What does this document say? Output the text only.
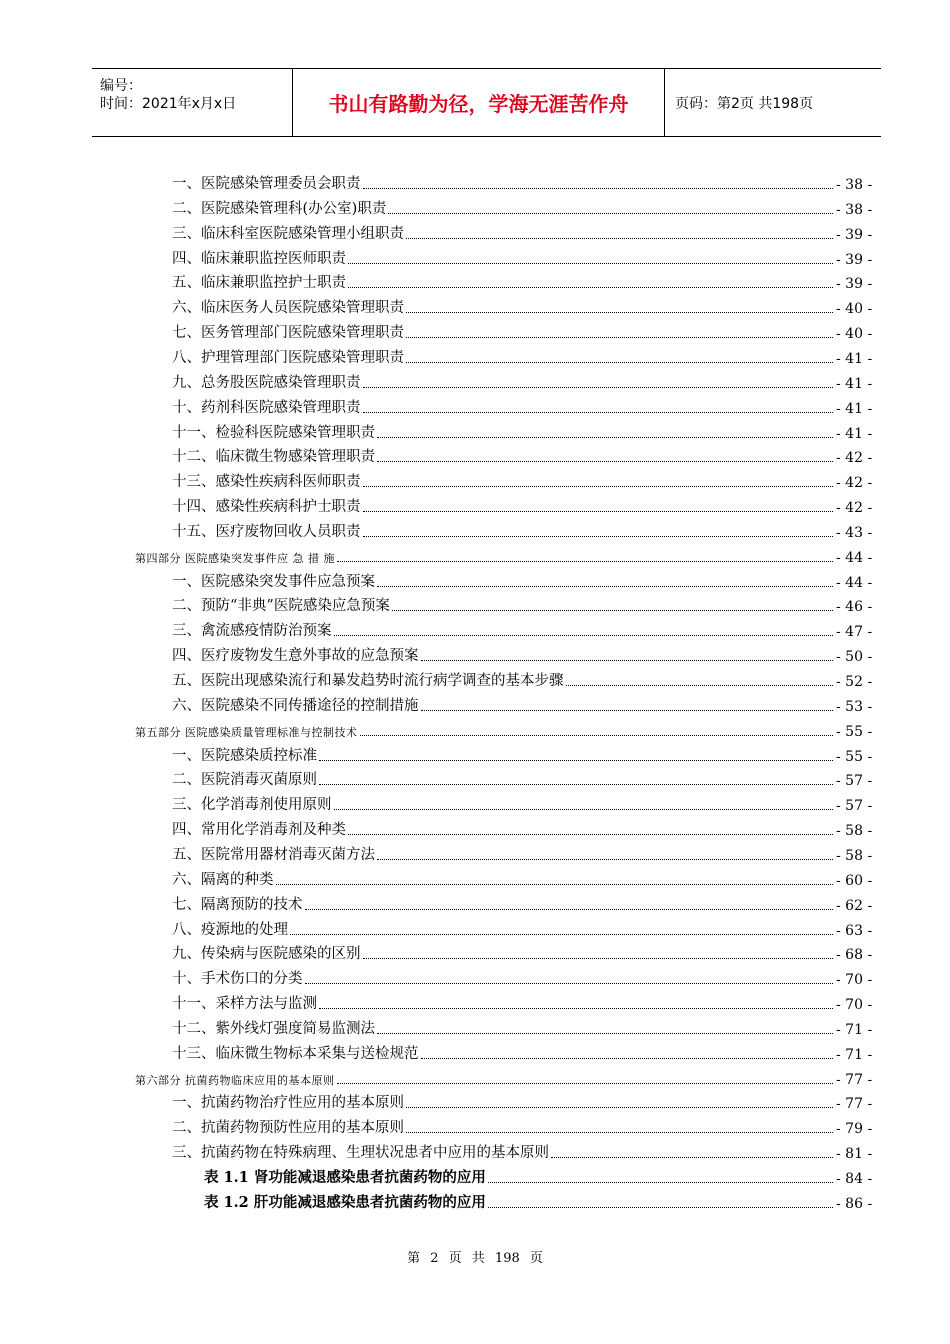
编号：
时间：2021年x月x日	书山有路勤为径，学海无涯苦作舟	页码：第2页 共198页
一、医院感染管理委员会职责	- 38 -
二、医院感染管理科(办公室)职责	- 38 -
三、临床科室医院感染管理小组职责	- 39 -
四、临床兼职监控医师职责	- 39 -
五、临床兼职监控护士职责	- 39 -
六、临床医务人员医院感染管理职责	- 40 -
七、医务管理部门医院感染管理职责	- 40 -
八、护理管理部门医院感染管理职责	- 41 -
九、总务股医院感染管理职责	- 41 -
十、药剂科医院感染管理职责	- 41 -
十一、检验科医院感染管理职责	- 41 -
十二、临床微生物感染管理职责	- 42 -
十三、感染性疾病科医师职责	- 42 -
十四、感染性疾病科护士职责	- 42 -
十五、医疗废物回收人员职责	- 43 -
第四部分 医院感染突发事件应 急 措 施	- 44 -
一、医院感染突发事件应急预案	- 44 -
二、预防“非典”医院感染应急预案	- 46 -
三、禽流感疫情防治预案	- 47 -
四、医疗废物发生意外事故的应急预案	- 50 -
五、医院出现感染流行和暴发趋势时流行病学调查的基本步骤	- 52 -
六、医院感染不同传播途径的控制措施	- 53 -
第五部分 医院感染质量管理标准与控制技术	- 55 -
一、医院感染质控标准	- 55 -
二、医院消毒灭菌原则	- 57 -
三、化学消毒剂使用原则	- 57 -
四、常用化学消毒剂及种类	- 58 -
五、医院常用器材消毒灭菌方法	- 58 -
六、隔离的种类	- 60 -
七、隔离预防的技术	- 62 -
八、疫源地的处理	- 63 -
九、传染病与医院感染的区别	- 68 -
十、手术伤口的分类	- 70 -
十一、采样方法与监测	- 70 -
十二、紫外线灯强度简易监测法	- 71 -
十三、临床微生物标本采集与送检规范	- 71 -
第六部分 抗菌药物临床应用的基本原则	- 77 -
一、抗菌药物治疗性应用的基本原则	- 77 -
二、抗菌药物预防性应用的基本原则	- 79 -
三、抗菌药物在特殊病理、生理状况患者中应用的基本原则	- 81 -
表 1.1 肾功能减退感染患者抗菌药物的应用	- 84 -
表 1.2 肝功能减退感染患者抗菌药物的应用	- 86 -
第 2 页 共 198 页
